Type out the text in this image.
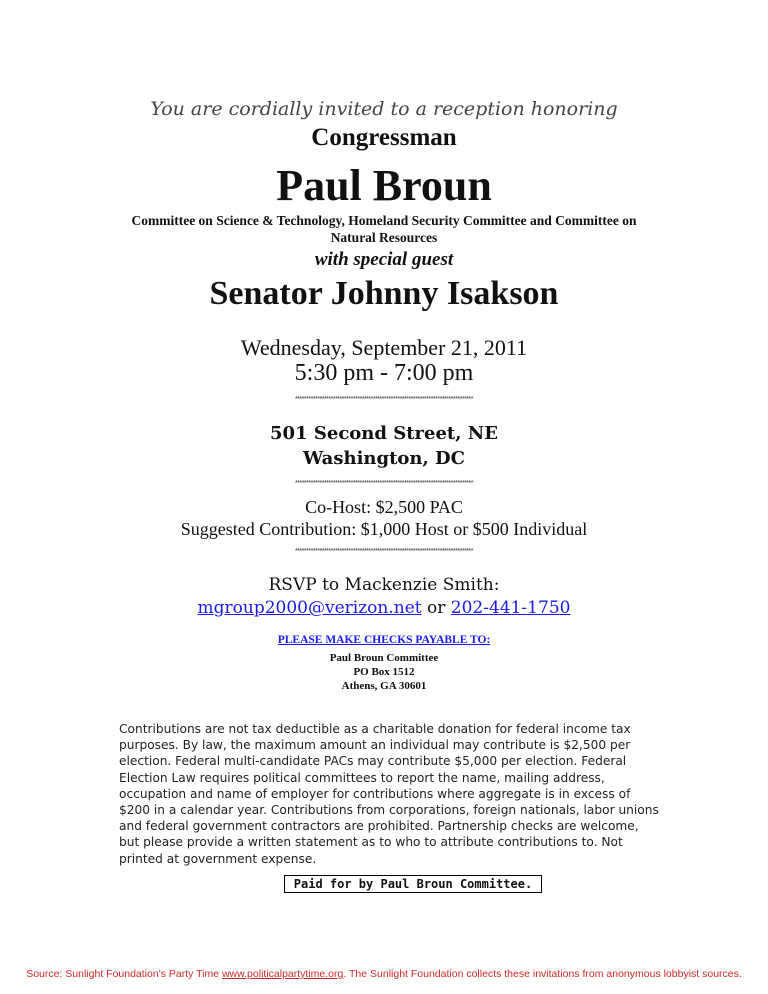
You are cordially invited to a reception honoring
Congressman
Paul Broun
Committee on Science & Technology, Homeland Security Committee and Committee on Natural Resources
with special guest
Senator Johnny Isakson
Wednesday, September 21, 2011
5:30 pm - 7:00 pm
********************************************************************************
501 Second Street, NE
Washington, DC
********************************************************************************
Co-Host: $2,500 PAC
Suggested Contribution: $1,000 Host or $500 Individual
********************************************************************************
RSVP to Mackenzie Smith:
mgroup2000@verizon.net or 202-441-1750
PLEASE MAKE CHECKS PAYABLE TO:
Paul Broun Committee
PO Box 1512
Athens, GA 30601
Contributions are not tax deductible as a charitable donation for federal income tax purposes. By law, the maximum amount an individual may contribute is $2,500 per election. Federal multi-candidate PACs may contribute $5,000 per election. Federal Election Law requires political committees to report the name, mailing address, occupation and name of employer for contributions where aggregate is in excess of $200 in a calendar year. Contributions from corporations, foreign nationals, labor unions and federal government contractors are prohibited. Partnership checks are welcome, but please provide a written statement as to who to attribute contributions to. Not printed at government expense.
Paid for by Paul Broun Committee.
Source: Sunlight Foundation's Party Time www.politicalpartytime.org. The Sunlight Foundation collects these invitations from anonymous lobbyist sources.
